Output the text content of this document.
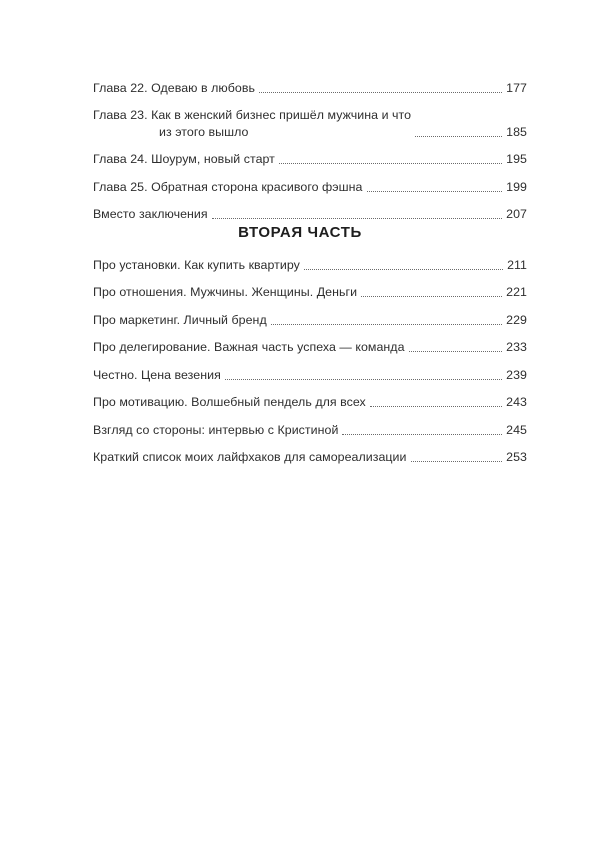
Глава 22. Одеваю в любовь	177
Глава 23. Как в женский бизнес пришёл мужчина и что
из этого вышло	185
Глава 24. Шоурум, новый старт	195
Глава 25. Обратная сторона красивого фэшна	199
Вместо заключения	207
ВТОРАЯ ЧАСТЬ
Про установки. Как купить квартиру	211
Про отношения. Мужчины. Женщины. Деньги	221
Про маркетинг. Личный бренд	229
Про делегирование. Важная часть успеха — команда	233
Честно. Цена везения	239
Про мотивацию. Волшебный пендель для всех	243
Взгляд со стороны: интервью с Кристиной	245
Краткий список моих лайфхаков для самореализации	253
